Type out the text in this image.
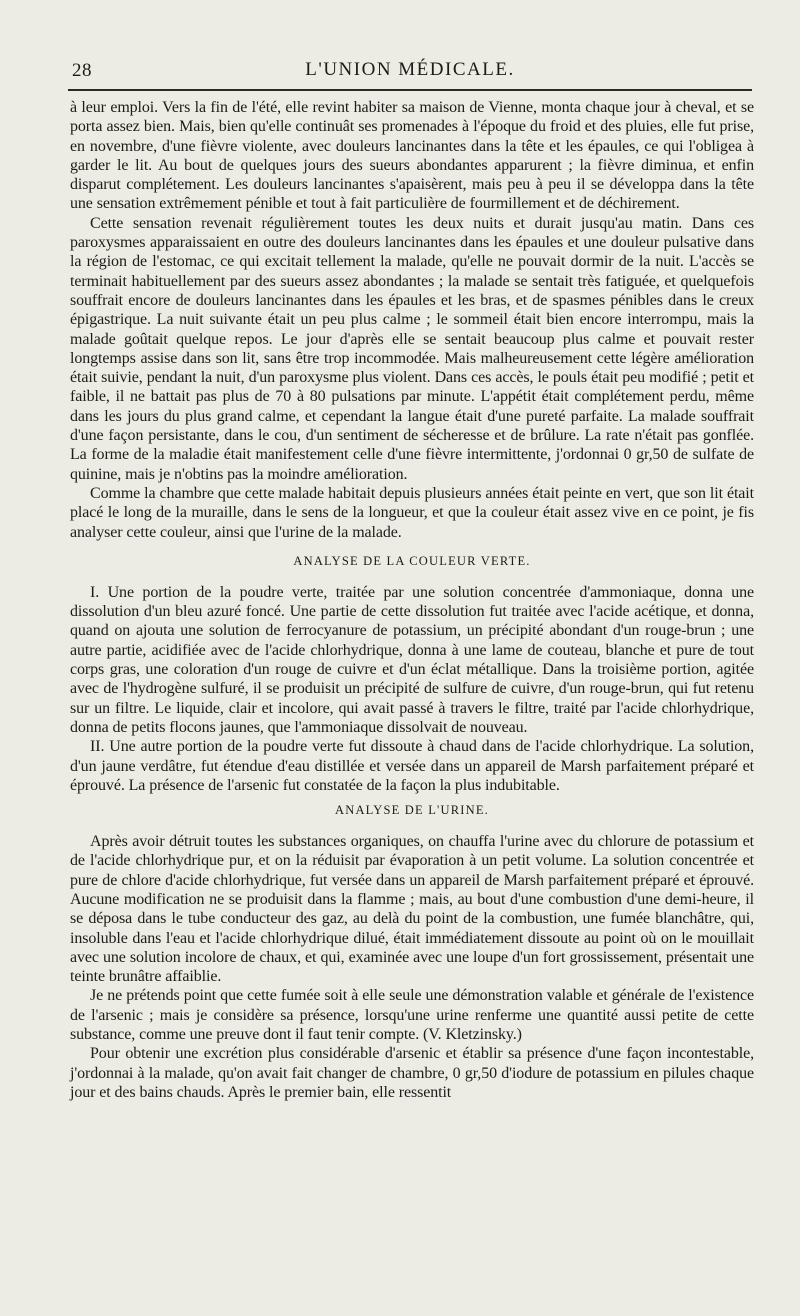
28	L'UNION MÉDICALE.

à leur emploi. Vers la fin de l'été, elle revint habiter sa maison de Vienne, monta chaque jour à cheval, et se porta assez bien. Mais, bien qu'elle continuât ses promenades à l'époque du froid et des pluies, elle fut prise, en novembre, d'une fièvre violente, avec douleurs lancinantes dans la tête et les épaules, ce qui l'obligea à garder le lit. Au bout de quelques jours des sueurs abondantes apparurent ; la fièvre diminua, et enfin disparut complétement. Les douleurs lancinantes s'apaisèrent, mais peu à peu il se développa dans la tête une sensation extrêmement pénible et tout à fait particulière de fourmillement et de déchirement.

Cette sensation revenait régulièrement toutes les deux nuits et durait jusqu'au matin. Dans ces paroxysmes apparaissaient en outre des douleurs lancinantes dans les épaules et une douleur pulsative dans la région de l'estomac, ce qui excitait tellement la malade, qu'elle ne pouvait dormir de la nuit. L'accès se terminait habituellement par des sueurs assez abondantes ; la malade se sentait très fatiguée, et quelquefois souffrait encore de douleurs lancinantes dans les épaules et les bras, et de spasmes pénibles dans le creux épigastrique. La nuit suivante était un peu plus calme ; le sommeil était bien encore interrompu, mais la malade goûtait quelque repos. Le jour d'après elle se sentait beaucoup plus calme et pouvait rester longtemps assise dans son lit, sans être trop incommodée. Mais malheureusement cette légère amélioration était suivie, pendant la nuit, d'un paroxysme plus violent. Dans ces accès, le pouls était peu modifié ; petit et faible, il ne battait pas plus de 70 à 80 pulsations par minute. L'appétit était complétement perdu, même dans les jours du plus grand calme, et cependant la langue était d'une pureté parfaite. La malade souffrait d'une façon persistante, dans le cou, d'un sentiment de sécheresse et de brûlure. La rate n'était pas gonflée. La forme de la maladie était manifestement celle d'une fièvre intermittente, j'ordonnai 0 gr,50 de sulfate de quinine, mais je n'obtins pas la moindre amélioration.

Comme la chambre que cette malade habitait depuis plusieurs années était peinte en vert, que son lit était placé le long de la muraille, dans le sens de la longueur, et que la couleur était assez vive en ce point, je fis analyser cette couleur, ainsi que l'urine de la malade.

ANALYSE DE LA COULEUR VERTE.

I. Une portion de la poudre verte, traitée par une solution concentrée d'ammoniaque, donna une dissolution d'un bleu azuré foncé. Une partie de cette dissolution fut traitée avec l'acide acétique, et donna, quand on ajouta une solution de ferrocyanure de potassium, un précipité abondant d'un rouge-brun ; une autre partie, acidifiée avec de l'acide chlorhydrique, donna à une lame de couteau, blanche et pure de tout corps gras, une coloration d'un rouge de cuivre et d'un éclat métallique. Dans la troisième portion, agitée avec de l'hydrogène sulfuré, il se produisit un précipité de sulfure de cuivre, d'un rouge-brun, qui fut retenu sur un filtre. Le liquide, clair et incolore, qui avait passé à travers le filtre, traité par l'acide chlorhydrique, donna de petits flocons jaunes, que l'ammoniaque dissolvait de nouveau.

II. Une autre portion de la poudre verte fut dissoute à chaud dans de l'acide chlorhydrique. La solution, d'un jaune verdâtre, fut étendue d'eau distillée et versée dans un appareil de Marsh parfaitement préparé et éprouvé. La présence de l'arsenic fut constatée de la façon la plus indubitable.

ANALYSE DE L'URINE.

Après avoir détruit toutes les substances organiques, on chauffa l'urine avec du chlorure de potassium et de l'acide chlorhydrique pur, et on la réduisit par évaporation à un petit volume. La solution concentrée et pure de chlore d'acide chlorhydrique, fut versée dans un appareil de Marsh parfaitement préparé et éprouvé. Aucune modification ne se produisit dans la flamme ; mais, au bout d'une combustion d'une demi-heure, il se déposa dans le tube conducteur des gaz, au delà du point de la combustion, une fumée blanchâtre, qui, insoluble dans l'eau et l'acide chlorhydrique dilué, était immédiatement dissoute au point où on le mouillait avec une solution incolore de chaux, et qui, examinée avec une loupe d'un fort grossissement, présentait une teinte brunâtre affaiblie.

Je ne prétends point que cette fumée soit à elle seule une démonstration valable et générale de l'existence de l'arsenic ; mais je considère sa présence, lorsqu'une urine renferme une quantité aussi petite de cette substance, comme une preuve dont il faut tenir compte. (V. Kletzinsky.)

Pour obtenir une excrétion plus considérable d'arsenic et établir sa présence d'une façon incontestable, j'ordonnai à la malade, qu'on avait fait changer de chambre, 0 gr,50 d'iodure de potassium en pilules chaque jour et des bains chauds. Après le premier bain, elle ressentit
